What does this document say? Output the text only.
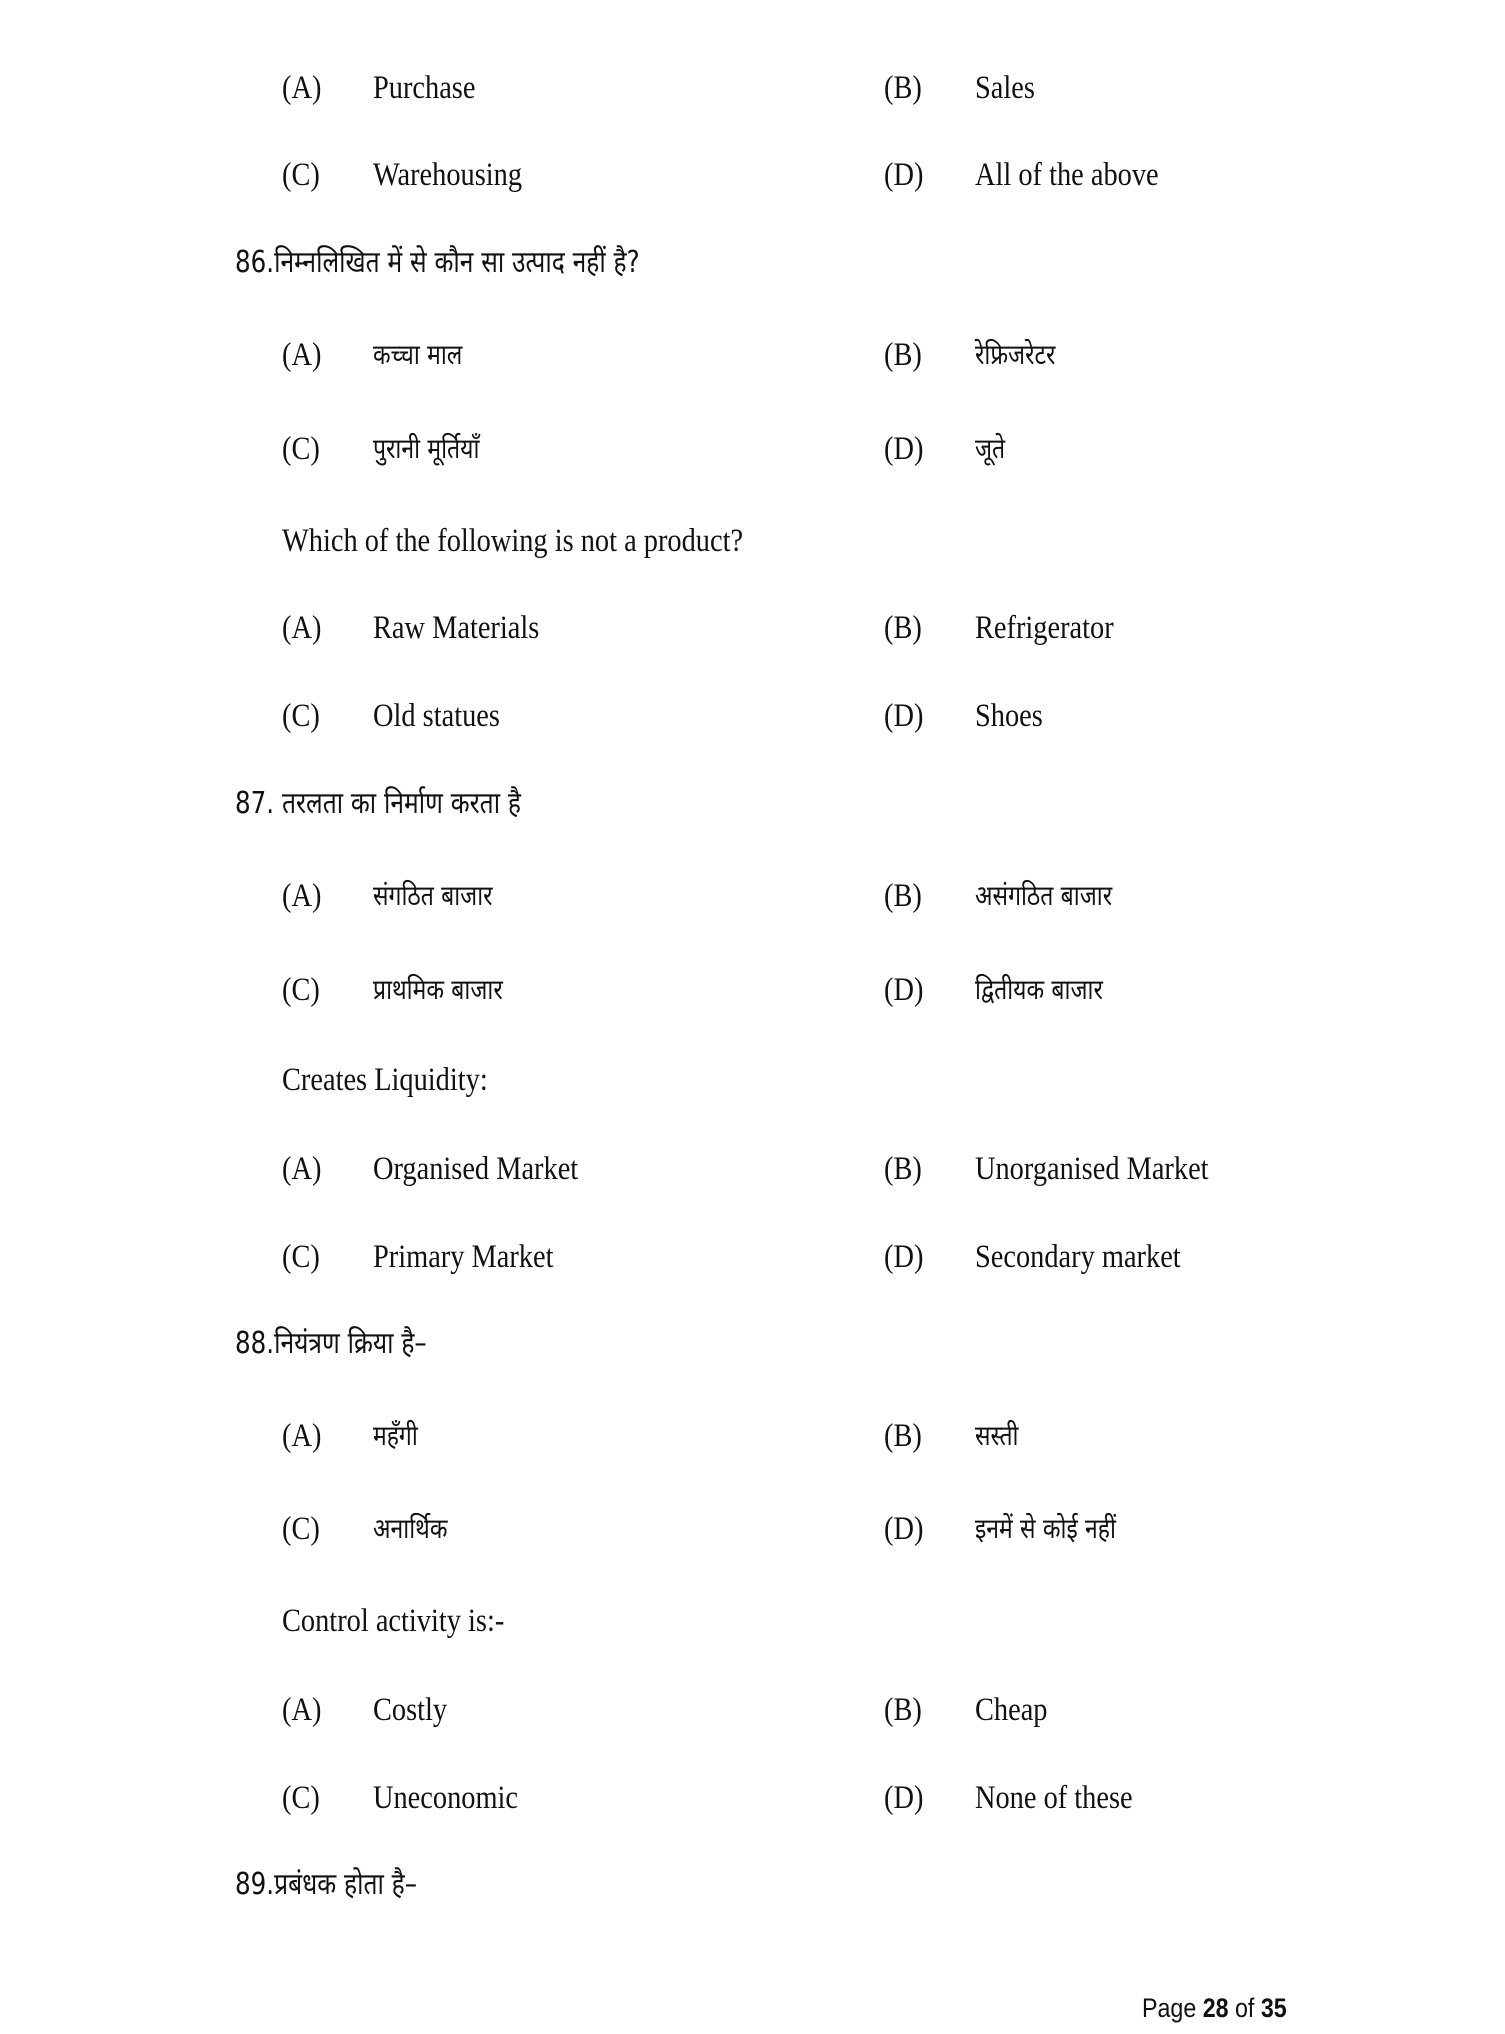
(A) Purchase	(B) Sales
(C) Warehousing	(D) All of the above
86.निम्नलिखित में से कौन सा उत्पाद नहीं है?
(A) कच्चा माल	(B) रेफ्रिजरेटर
(C) पुरानी मूर्तियाँ	(D) जूते
Which of the following is not a product?
(A) Raw Materials	(B) Refrigerator
(C) Old statues	(D) Shoes
87. तरलता का निर्माण करता है
(A) संगठित बाजार	(B) असंगठित बाजार
(C) प्राथमिक बाजार	(D) द्वितीयक बाजार
Creates Liquidity:
(A) Organised Market	(B) Unorganised Market
(C) Primary Market	(D) Secondary market
88.नियंत्रण क्रिया है–
(A) महँगी	(B) सस्ती
(C) अनार्थिक	(D) इनमें से कोई नहीं
Control activity is:-
(A) Costly	(B) Cheap
(C) Uneconomic	(D) None of these
89.प्रबंधक होता है–
Page 28 of 35
